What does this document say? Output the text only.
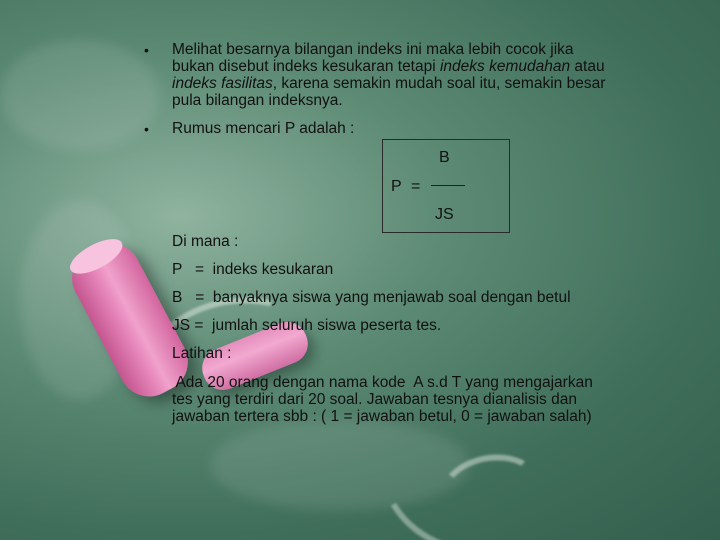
• Melihat besarnya bilangan indeks ini maka lebih cocok jika
bukan disebut indeks kesukaran tetapi indeks kemudahan atau
indeks fasilitas, karena semakin mudah soal itu, semakin besar
pula bilangan indeksnya.
• Rumus mencari P adalah :
B
P =
JS
Di mana :
P   =  indeks kesukaran
B   =  banyaknya siswa yang menjawab soal dengan betul
JS =  jumlah seluruh siswa peserta tes.
Latihan :
Ada 20 orang dengan nama kode  A s.d T yang mengajarkan
tes yang terdiri dari 20 soal. Jawaban tesnya dianalisis dan
jawaban tertera sbb : ( 1 = jawaban betul, 0 = jawaban salah)
